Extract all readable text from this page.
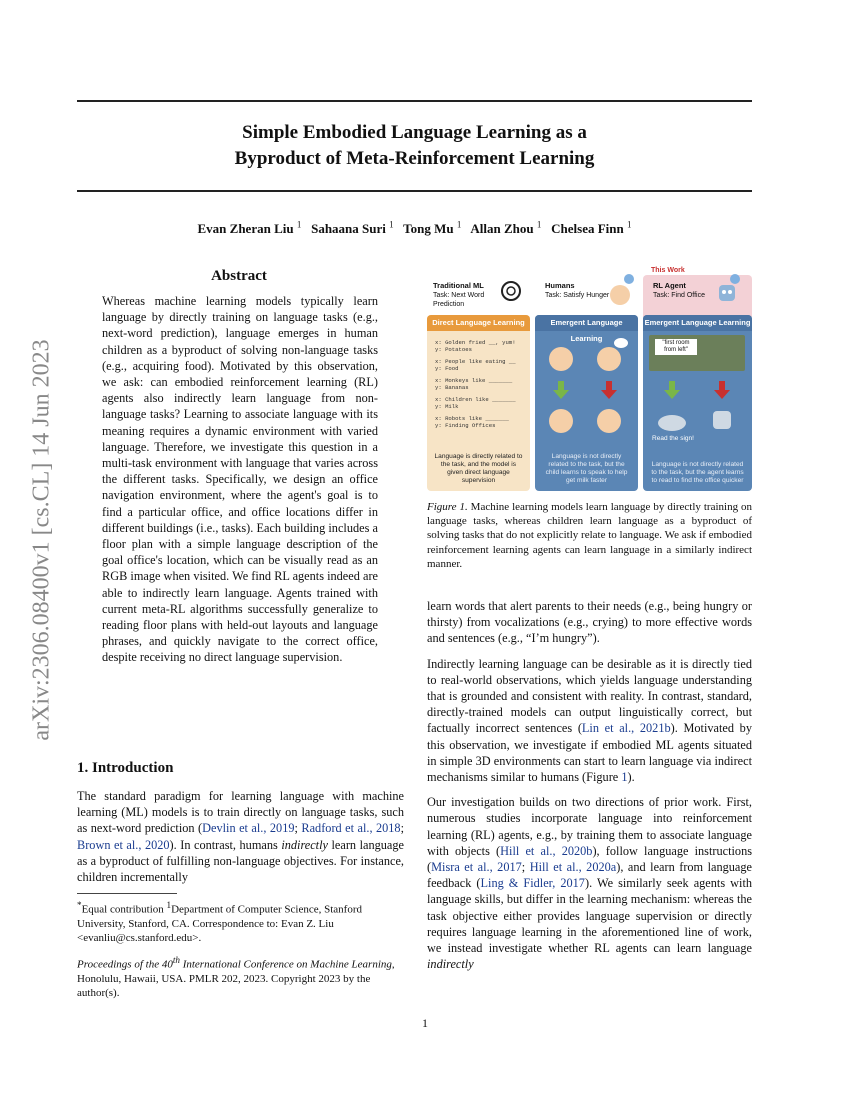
arXiv:2306.08400v1 [cs.CL] 14 Jun 2023
Simple Embodied Language Learning as a
Byproduct of Meta-Reinforcement Learning
Evan Zheran Liu $^1$ Sahaana Suri $^1$ Tong Mu $^1$ Allan Zhou $^1$ Chelsea Finn $^1$
Abstract
Whereas machine learning models typically learn language by directly training on language tasks (e.g., next-word prediction), language emerges in human children as a byproduct of solving non-language tasks (e.g., acquiring food). Motivated by this observation, we ask: can embodied reinforcement learning (RL) agents also indirectly learn language from non-language tasks? Learning to associate language with its meaning requires a dynamic environment with varied language. Therefore, we investigate this question in a multi-task environment with language that varies across the different tasks. Specifically, we design an office navigation environment, where the agent's goal is to find a particular office, and office locations differ in different buildings (i.e., tasks). Each building includes a floor plan with a simple language description of the goal office's location, which can be visually read as an RGB image when visited. We find RL agents indeed are able to indirectly learn language. Agents trained with current meta-RL algorithms successfully generalize to reading floor plans with held-out layouts and language phrases, and quickly navigate to the correct office, despite receiving no direct language supervision.
1. Introduction
The standard paradigm for learning language with machine learning (ML) models is to train directly on language tasks, such as next-word prediction (Devlin et al., 2019; Radford et al., 2018; Brown et al., 2020). In contrast, humans indirectly learn language as a byproduct of fulfilling non-language objectives. For instance, children incrementally
*Equal contribution $^1$Department of Computer Science, Stanford University, Stanford, CA. Correspondence to: Evan Z. Liu <evanliu@cs.stanford.edu>.
Proceedings of the 40th International Conference on Machine Learning, Honolulu, Hawaii, USA. PMLR 202, 2023. Copyright 2023 by the author(s).
This Work
Traditional ML
Task: Next Word Prediction
Humans
Task: Satisfy Hunger
RL Agent
Task: Find Office
Direct Language Learning
x: Golden fried __, yum!
y: Potatoes
x: People like eating __
y: Food
x: Monkeys like _______
y: Bananas
x: Children like _______
y: Milk
x: Robots like _______
y: Finding Offices
Language is directly related to the task, and the model is given direct language supervision
Emergent Language Learning
Language is not directly related to the task, but the child learns to speak to help get milk faster
Emergent Language Learning
"first room from left"
Read the sign!
Language is not directly related to the task, but the agent learns to read to find the office quicker
Figure 1. Machine learning models learn language by directly training on language tasks, whereas children learn language as a byproduct of solving tasks that do not explicitly relate to language. We ask if embodied reinforcement learning agents can learn language in a similarly indirect manner.

learn words that alert parents to their needs (e.g., being hungry or thirsty) from vocalizations (e.g., crying) to more effective words and sentences (e.g., “I’m hungry”).

Indirectly learning language can be desirable as it is directly tied to real-world observations, which yields language understanding that is grounded and consistent with reality. In contrast, standard, directly-trained models can output linguistically correct, but factually incorrect sentences (Lin et al., 2021b). Motivated by this observation, we investigate if embodied ML agents situated in simple 3D environments can start to learn language via indirect mechanisms similar to humans (Figure 1).

Our investigation builds on two directions of prior work. First, numerous studies incorporate language into reinforcement learning (RL) agents, e.g., by training them to associate language with objects (Hill et al., 2020b), follow language instructions (Misra et al., 2017; Hill et al., 2020a), and learn from language feedback (Ling & Fidler, 2017). We similarly seek agents with language skills, but differ in the learning mechanism: whereas the task objective either provides language supervision or directly requires language learning in the aforementioned line of work, we instead investigate whether RL agents can learn language indirectly

1
